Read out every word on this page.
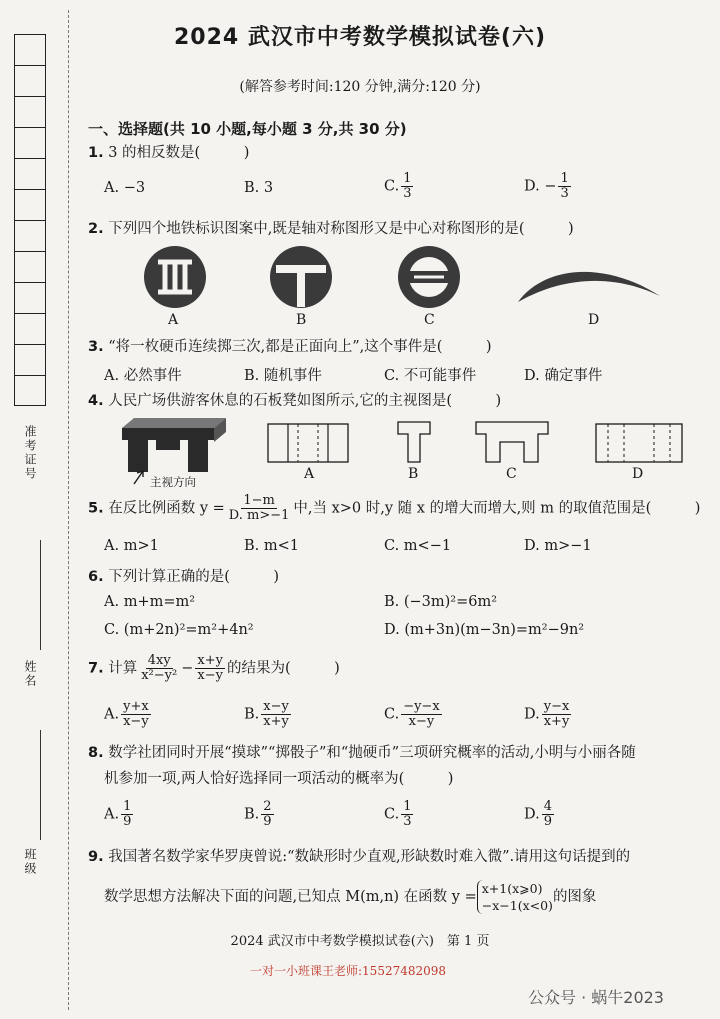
准考证号
姓名
班级
2024 武汉市中考数学模拟试卷(六)
(解答参考时间:120 分钟,满分:120 分)
一、选择题(共 10 小题,每小题 3 分,共 30 分)
1. 3 的相反数是(　　　)
A. −3	B. 3	C. $\frac{1}{3}$	D. − $\frac{1}{3}$
2. 下列四个地铁标识图案中,既是轴对称图形又是中心对称图形的是(　　　)
A	B	C	D
3. “将一枚硬币连续掷三次,都是正面向上”,这个事件是(　　　)
A. 必然事件	B. 随机事件	C. 不可能事件	D. 确定事件
4. 人民广场供游客休息的石板凳如图所示,它的主视图是(　　　)
主视方向	A	B	C	D
5. 在反比例函数 $y = \frac{1-m}{D. m>-1}$ 中,当 x>0 时,y 随 x 的增大而增大,则 m 的取值范围是(　　　)
A. m>1	B. m<1	C. m<−1	D. m>−1
6. 下列计算正确的是(　　　)
A. m+m=m²	B. (−3m)²=6m²
C. (m+2n)²=m²+4n²	D. (m+3n)(m−3n)=m²−9n²
7. 计算 $\frac{4xy}{\text{x²−y²}} - \frac{x+y}{x-y}$ 的结果为(　　　)
A. $\frac{y+x}{x-y}$	B. $\frac{x-y}{x+y}$	C. $\frac{-y-x}{x-y}$	D. $\frac{y-x}{x+y}$
8. 数学社团同时开展“摸球”“掷骰子”和“抛硬币”三项研究概率的活动,小明与小丽各随
机参加一项,两人恰好选择同一项活动的概率为(　　　)
A. $\frac{1}{9}$	B. $\frac{2}{9}$	C. $\frac{1}{3}$	D. $\frac{4}{9}$
9. 我国著名数学家华罗庚曾说:“数缺形时少直观,形缺数时难入微”.请用这句话提到的
数学思想方法解决下面的问题,已知点 M(m,n) 在函数 y =
x+1(x⩾0)
−x−1(x<0)
的图象
2024 武汉市中考数学模拟试卷(六)　第 1 页
一对一小班课王老师:15527482098
公众号 · 蜗牛2023
